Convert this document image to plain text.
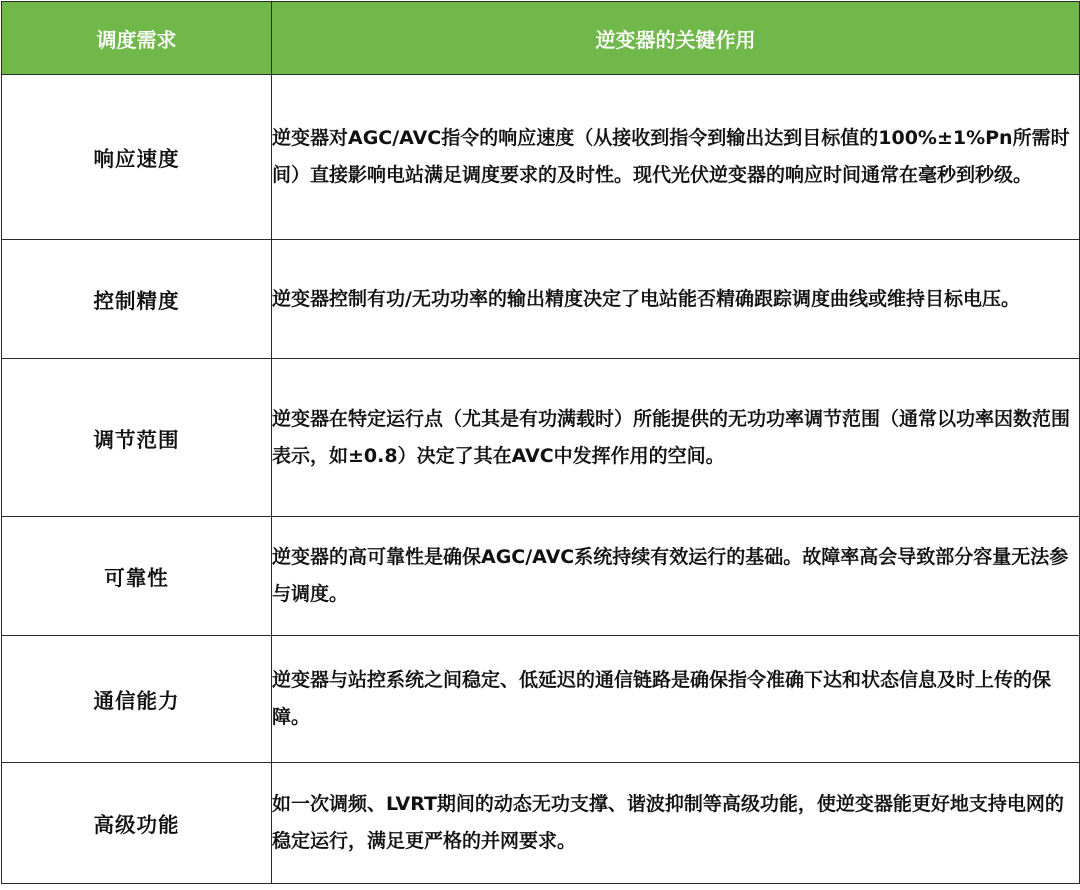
调度需求	逆变器的关键作用
响应速度	逆变器对AGC/AVC指令的响应速度（从接收到指令到输出达到目标值的100%±1%Pn所需时间）直接影响电站满足调度要求的及时性。现代光伏逆变器的响应时间通常在毫秒到秒级。
控制精度	逆变器控制有功/无功功率的输出精度决定了电站能否精确跟踪调度曲线或维持目标电压。
调节范围	逆变器在特定运行点（尤其是有功满载时）所能提供的无功功率调节范围（通常以功率因数范围表示，如±0.8）决定了其在AVC中发挥作用的空间。
可靠性	逆变器的高可靠性是确保AGC/AVC系统持续有效运行的基础。故障率高会导致部分容量无法参与调度。
通信能力	逆变器与站控系统之间稳定、低延迟的通信链路是确保指令准确下达和状态信息及时上传的保障。
高级功能	如一次调频、LVRT期间的动态无功支撑、谐波抑制等高级功能，使逆变器能更好地支持电网的稳定运行，满足更严格的并网要求。
